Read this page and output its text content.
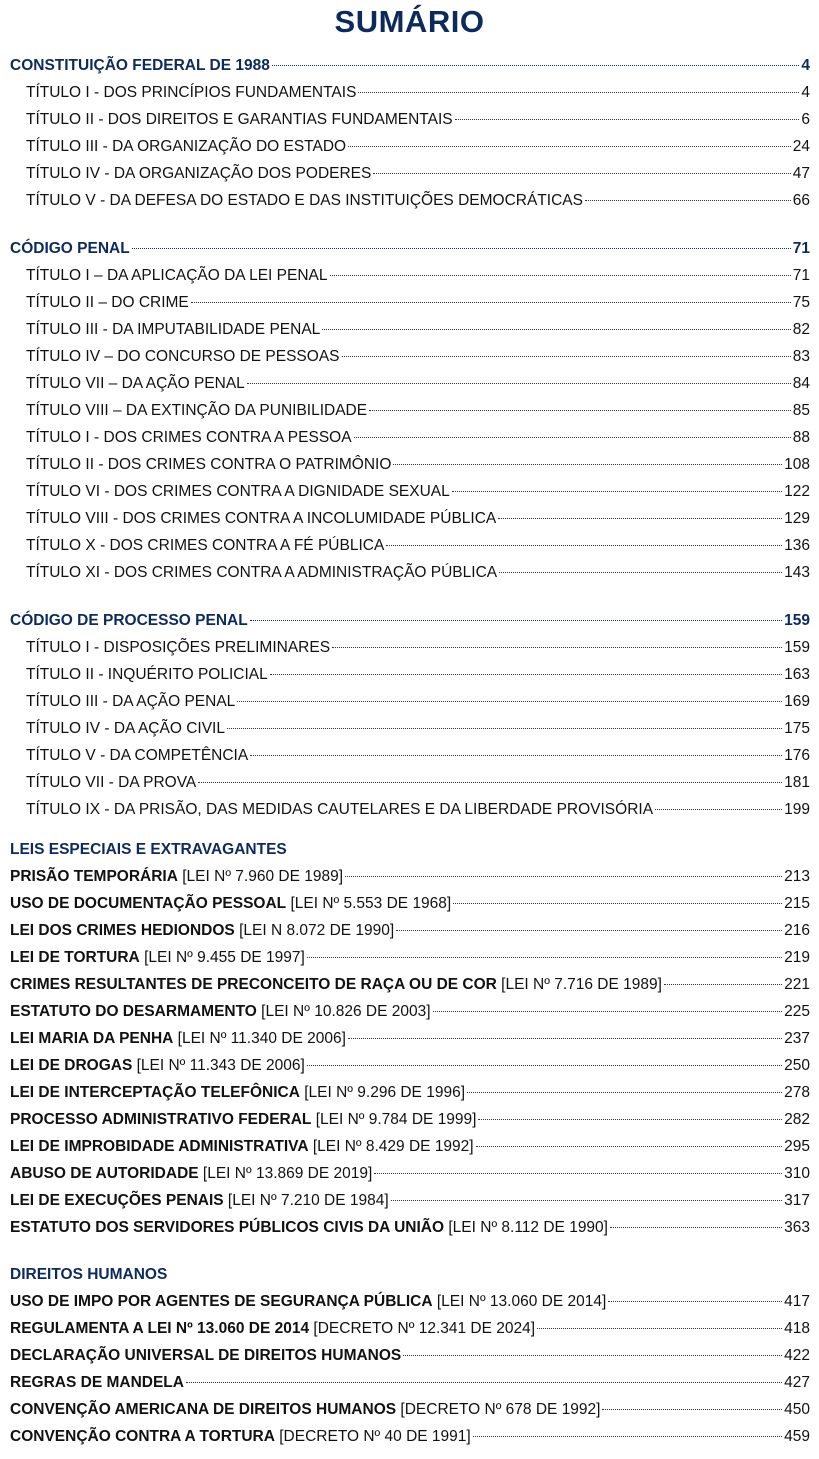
SUMÁRIO
CONSTITUIÇÃO FEDERAL DE 1988	4
TÍTULO I - DOS PRINCÍPIOS FUNDAMENTAIS	4
TÍTULO II - DOS DIREITOS E GARANTIAS FUNDAMENTAIS	6
TÍTULO III - DA ORGANIZAÇÃO DO ESTADO	24
TÍTULO IV - DA ORGANIZAÇÃO DOS PODERES	47
TÍTULO V - DA DEFESA DO ESTADO E DAS INSTITUIÇÕES DEMOCRÁTICAS	66
CÓDIGO PENAL	71
TÍTULO I – DA APLICAÇÃO DA LEI PENAL	71
TÍTULO II – DO CRIME	75
TÍTULO III - DA IMPUTABILIDADE PENAL	82
TÍTULO IV – DO CONCURSO DE PESSOAS	83
TÍTULO VII – DA AÇÃO PENAL	84
TÍTULO VIII – DA EXTINÇÃO DA PUNIBILIDADE	85
TÍTULO I - DOS CRIMES CONTRA A PESSOA	88
TÍTULO II - DOS CRIMES CONTRA O PATRIMÔNIO	108
TÍTULO VI - DOS CRIMES CONTRA A DIGNIDADE SEXUAL	122
TÍTULO VIII - DOS CRIMES CONTRA A INCOLUMIDADE PÚBLICA	129
TÍTULO X - DOS CRIMES CONTRA A FÉ PÚBLICA	136
TÍTULO XI - DOS CRIMES CONTRA A ADMINISTRAÇÃO PÚBLICA	143
CÓDIGO DE PROCESSO PENAL	159
TÍTULO I - DISPOSIÇÕES PRELIMINARES	159
TÍTULO II - INQUÉRITO POLICIAL	163
TÍTULO III - DA AÇÃO PENAL	169
TÍTULO IV - DA AÇÃO CIVIL	175
TÍTULO V - DA COMPETÊNCIA	176
TÍTULO VII - DA PROVA	181
TÍTULO IX - DA PRISÃO, DAS MEDIDAS CAUTELARES E DA LIBERDADE PROVISÓRIA	199
LEIS ESPECIAIS E EXTRAVAGANTES
PRISÃO TEMPORÁRIA [LEI Nº 7.960 DE 1989]	213
USO DE DOCUMENTAÇÃO PESSOAL [LEI Nº 5.553 DE 1968]	215
LEI DOS CRIMES HEDIONDOS [LEI N 8.072 DE 1990]	216
LEI DE TORTURA [LEI Nº 9.455 DE 1997]	219
CRIMES RESULTANTES DE PRECONCEITO DE RAÇA OU DE COR [LEI Nº 7.716 DE 1989]	221
ESTATUTO DO DESARMAMENTO [LEI Nº 10.826 DE 2003]	225
LEI MARIA DA PENHA [LEI Nº 11.340 DE 2006]	237
LEI DE DROGAS [LEI Nº 11.343 DE 2006]	250
LEI DE INTERCEPTAÇÃO TELEFÔNICA [LEI Nº 9.296 DE 1996]	278
PROCESSO ADMINISTRATIVO FEDERAL [LEI Nº 9.784 DE 1999]	282
LEI DE IMPROBIDADE ADMINISTRATIVA [LEI Nº 8.429 DE 1992]	295
ABUSO DE AUTORIDADE [LEI Nº 13.869 DE 2019]	310
LEI DE EXECUÇÕES PENAIS [LEI Nº 7.210 DE 1984]	317
ESTATUTO DOS SERVIDORES PÚBLICOS CIVIS DA UNIÃO [LEI Nº 8.112 DE 1990]	363
DIREITOS HUMANOS
USO DE IMPO POR AGENTES DE SEGURANÇA PÚBLICA [LEI Nº 13.060 DE 2014]	417
REGULAMENTA A LEI Nº 13.060 DE 2014 [DECRETO Nº 12.341 DE 2024]	418
DECLARAÇÃO UNIVERSAL DE DIREITOS HUMANOS	422
REGRAS DE MANDELA	427
CONVENÇÃO AMERICANA DE DIREITOS HUMANOS [DECRETO Nº 678 DE 1992]	450
CONVENÇÃO CONTRA A TORTURA [DECRETO Nº 40 DE 1991]	459
